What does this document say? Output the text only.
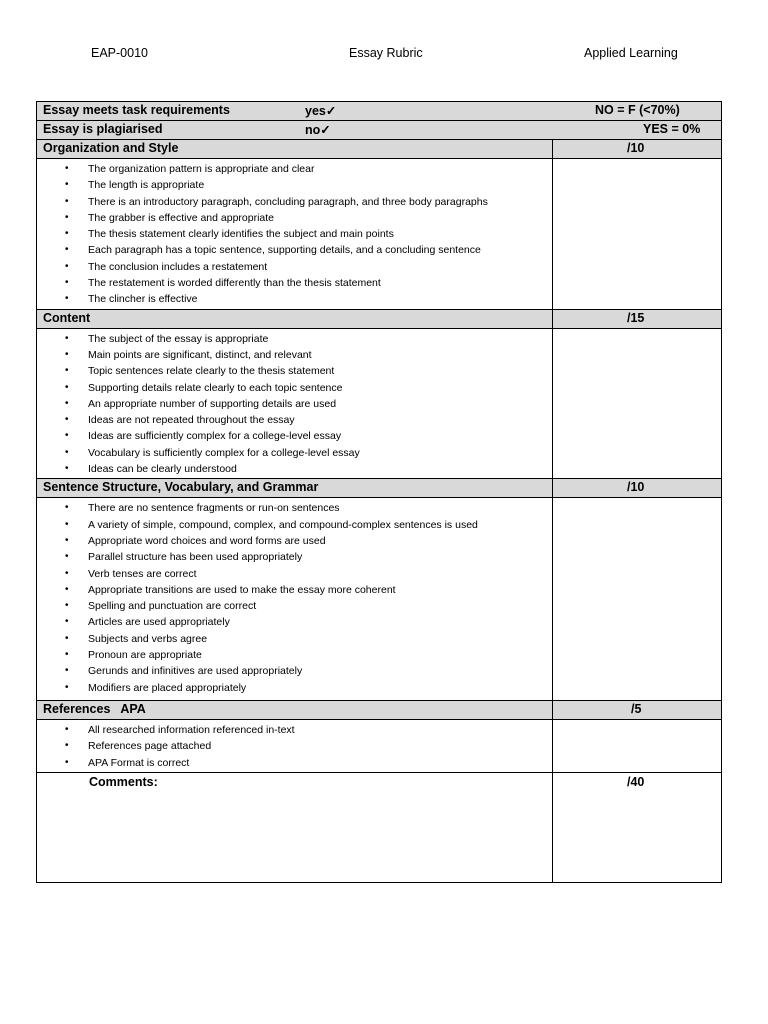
EAP-0010	Essay Rubric	Applied Learning
Essay meets task requirements	yes✓	NO = F (<70%)
Essay is plagiarised	no✓	YES = 0%
Organization and Style	/10
• The organization pattern is appropriate and clear
• The length is appropriate
• There is an introductory paragraph, concluding paragraph, and three body paragraphs
• The grabber is effective and appropriate
• The thesis statement clearly identifies the subject and main points
• Each paragraph has a topic sentence, supporting details, and a concluding sentence
• The conclusion includes a restatement
• The restatement is worded differently than the thesis statement
• The clincher is effective
Content	/15
• The subject of the essay is appropriate
• Main points are significant, distinct, and relevant
• Topic sentences relate clearly to the thesis statement
• Supporting details relate clearly to each topic sentence
• An appropriate number of supporting details are used
• Ideas are not repeated throughout the essay
• Ideas are sufficiently complex for a college-level essay
• Vocabulary is sufficiently complex for a college-level essay
• Ideas can be clearly understood
Sentence Structure, Vocabulary, and Grammar	/10
• There are no sentence fragments or run-on sentences
• A variety of simple, compound, complex, and compound-complex sentences is used
• Appropriate word choices and word forms are used
• Parallel structure has been used appropriately
• Verb tenses are correct
• Appropriate transitions are used to make the essay more coherent
• Spelling and punctuation are correct
• Articles are used appropriately
• Subjects and verbs agree
• Pronoun are appropriate
• Gerunds and infinitives are used appropriately
• Modifiers are placed appropriately
References   APA	/5
• All researched information referenced in-text
• References page attached
• APA Format is correct
Comments:	/40
